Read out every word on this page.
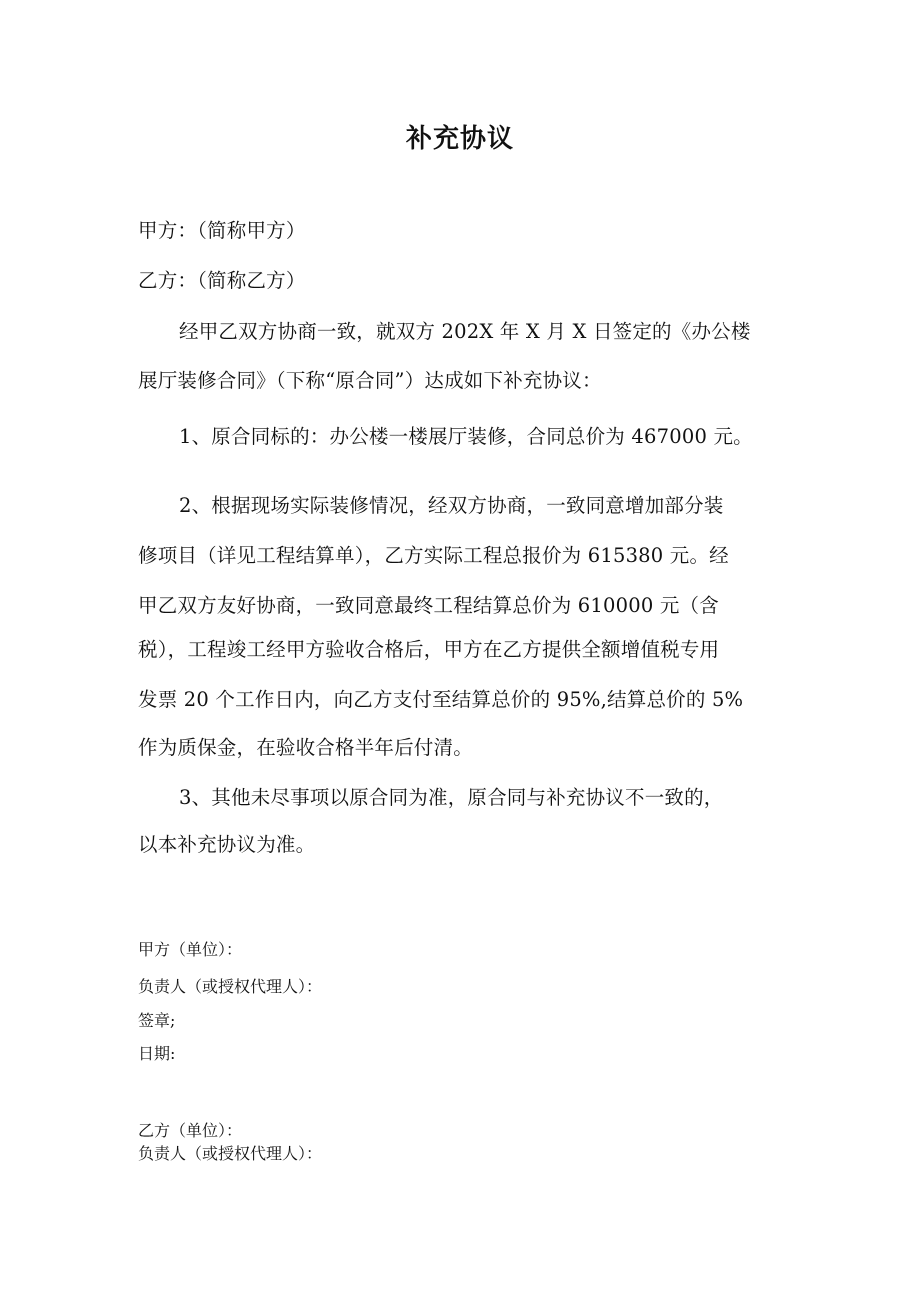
补充协议
甲方：（简称甲方）
乙方：（简称乙方）
经甲乙双方协商一致，就双方 202X 年 X 月 X 日签定的《办公楼
展厅装修合同》（下称“原合同”）达成如下补充协议：
1、原合同标的：办公楼一楼展厅装修，合同总价为 467000 元。
2、根据现场实际装修情况，经双方协商，一致同意增加部分装
修项目（详见工程结算单），乙方实际工程总报价为 615380 元。经
甲乙双方友好协商，一致同意最终工程结算总价为 610000 元（含
税），工程竣工经甲方验收合格后，甲方在乙方提供全额增值税专用
发票 20 个工作日内，向乙方支付至结算总价的 95%,结算总价的 5%
作为质保金，在验收合格半年后付清。
3、其他未尽事项以原合同为准，原合同与补充协议不一致的，
以本补充协议为准。
甲方（单位）：
负责人（或授权代理人）：
签章;
日期:
乙方（单位）：
负责人（或授权代理人）：
